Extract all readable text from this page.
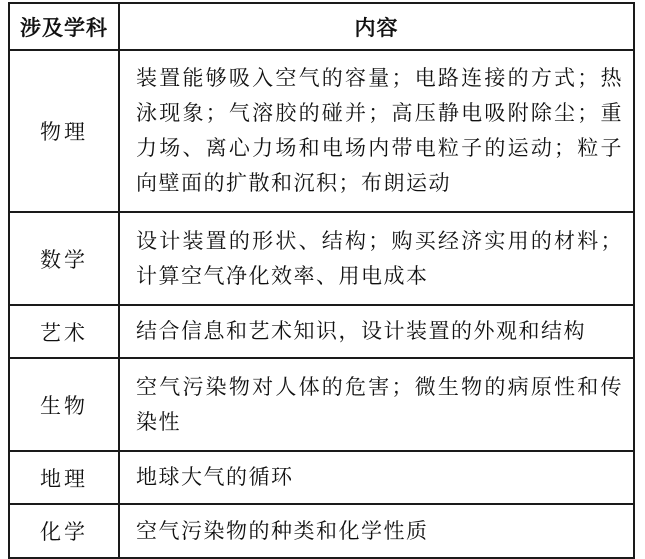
涉及学科	内容
物理	装置能够吸入空气的容量；电路连接的方式；热泳现象；气溶胶的碰并；高压静电吸附除尘；重力场、离心力场和电场内带电粒子的运动；粒子向壁面的扩散和沉积；布朗运动
数学	设计装置的形状、结构；购买经济实用的材料；计算空气净化效率、用电成本
艺术	结合信息和艺术知识，设计装置的外观和结构
生物	空气污染物对人体的危害；微生物的病原性和传染性
地理	地球大气的循环
化学	空气污染物的种类和化学性质
